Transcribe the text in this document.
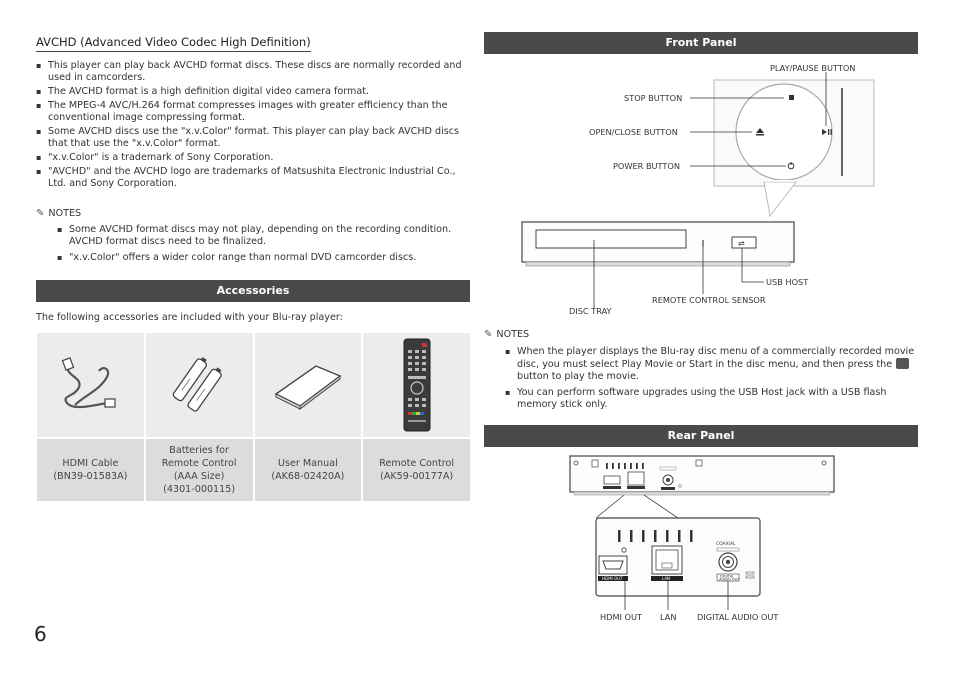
AVCHD (Advanced Video Codec High Definition)
▪ This player can play back AVCHD format discs. These discs are normally recorded and used in camcorders.
▪ The AVCHD format is a high definition digital video camera format.
▪ The MPEG-4 AVC/H.264 format compresses images with greater efficiency than the conventional image compressing format.
▪ Some AVCHD discs use the "x.v.Color" format. This player can play back AVCHD discs that that use the "x.v.Color" format.
▪ "x.v.Color" is a trademark of Sony Corporation.
▪ "AVCHD" and the AVCHD logo are trademarks of Matsushita Electronic Industrial Co., Ltd. and Sony Corporation.
✎ NOTES
▪ Some AVCHD format discs may not play, depending on the recording condition. AVCHD format discs need to be finalized.
▪ "x.v.Color" offers a wider color range than normal DVD camcorder discs.
Accessories
The following accessories are included with your Blu-ray player:
HDMI Cable
(BN39-01583A)
Batteries for
Remote Control
(AAA Size)
(4301-000115)
User Manual
(AK68-02420A)
Remote Control
(AK59-00177A)
6
Front Panel
⇌
PLAY/PAUSE BUTTON
STOP BUTTON
OPEN/CLOSE BUTTON
POWER BUTTON
USB HOST
REMOTE CONTROL SENSOR
DISC TRAY
✎ NOTES
▪ When the player displays the Blu-ray disc menu of a commercially recorded movie disc, you must select Play Movie or Start in the disc menu, and then press the  button to play the movie.
▪ You can perform software upgrades using the USB Host jack with a USB flash memory stick only.
Rear Panel
HDMI OUT	LAN
COAXIAL
DIGITAL
AUDIO OUT
HDMI OUT LAN	DIGITAL AUDIO OUT
